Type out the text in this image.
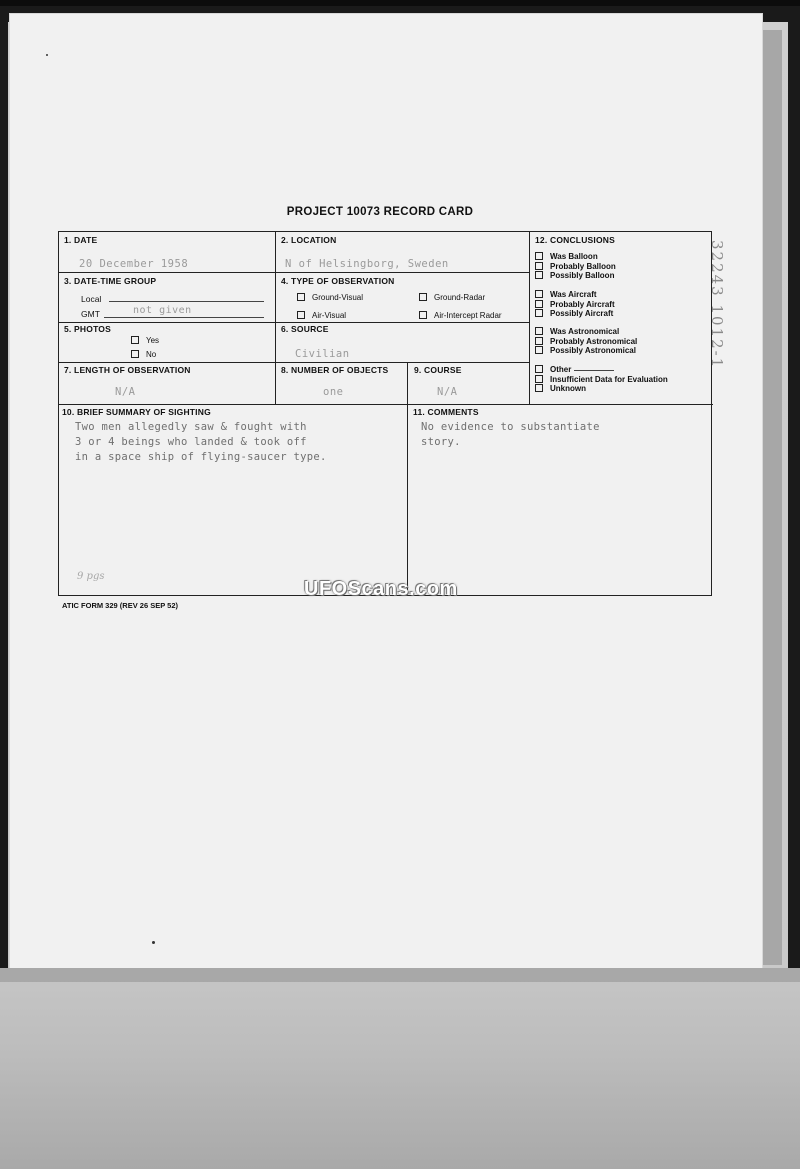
PROJECT 10073 RECORD CARD
1. DATE
20 December 1958
2. LOCATION
N of Helsingborg, Sweden
3. DATE-TIME GROUP
Local
GMT	not given
4. TYPE OF OBSERVATION
Ground-Visual	Ground-Radar
Air-Visual	Air-Intercept Radar
5. PHOTOS
Yes
No
6. SOURCE
Civilian
7. LENGTH OF OBSERVATION
N/A
8. NUMBER OF OBJECTS
one
9. COURSE
N/A
10. BRIEF SUMMARY OF SIGHTING
Two men allegedly saw & fought with
3 or 4 beings who landed & took off
in a space ship of flying-saucer type.
9 pgs
11. COMMENTS
No evidence to substantiate
story.
12. CONCLUSIONS
Was Balloon
Probably Balloon
Possibly Balloon
Was Aircraft
Probably Aircraft
Possibly Aircraft
Was Astronomical
Probably Astronomical
Possibly Astronomical
Other
Insufficient Data for Evaluation
Unknown
ATIC FORM 329 (REV 26 SEP 52)
UFOScans.com
32243 1012-1
